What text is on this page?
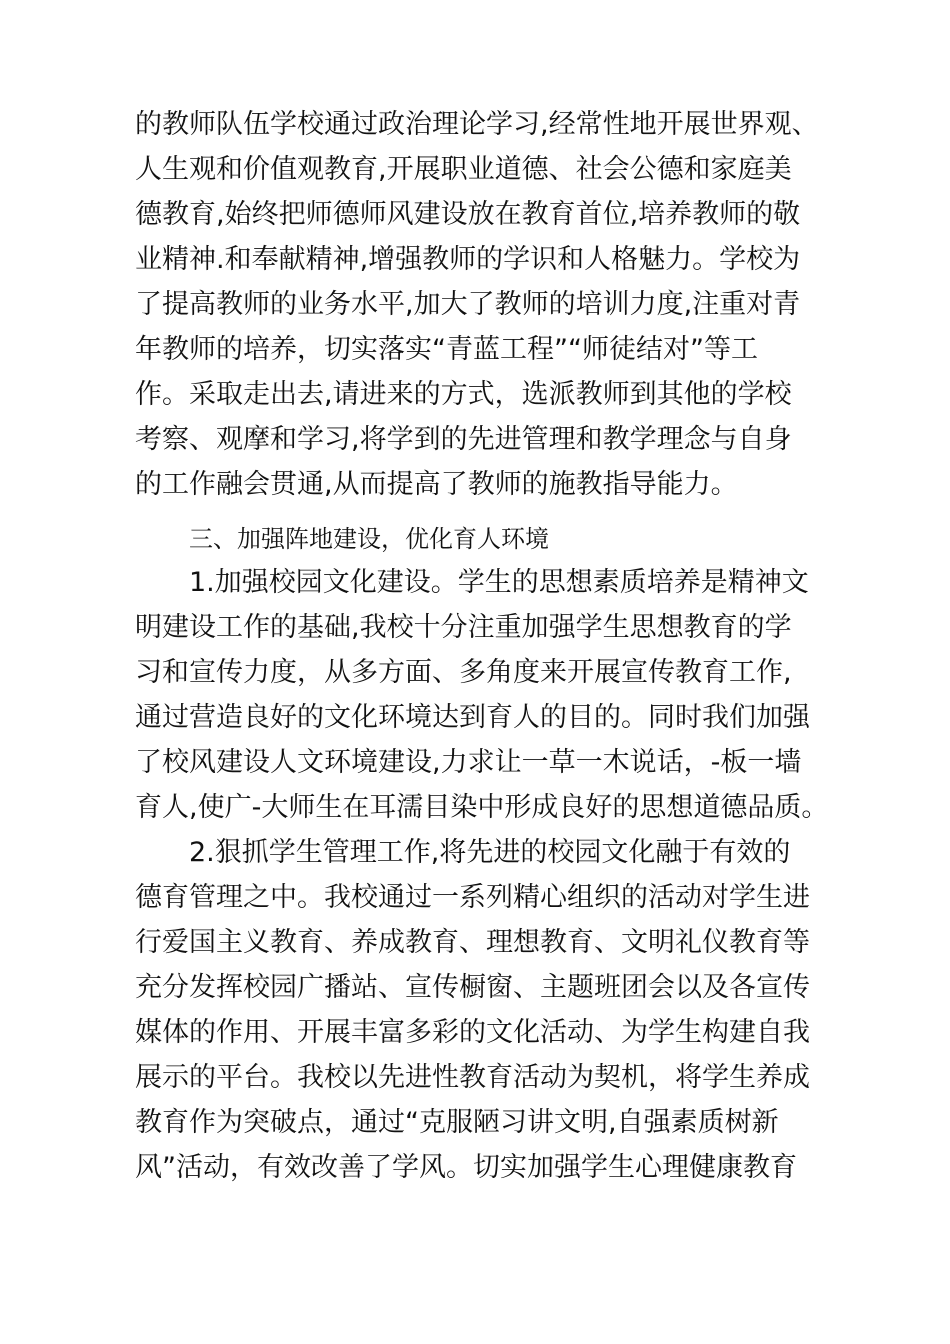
的教师队伍学校通过政治理论学习,经常性地开展世界观、
人生观和价值观教育,开展职业道德、社会公德和家庭美
德教育,始终把师德师风建设放在教育首位,培养教师的敬
业精神.和奉献精神,增强教师的学识和人格魅力。学校为
了提高教师的业务水平,加大了教师的培训力度,注重对青
年教师的培养，切实落实“青蓝工程”“师徒结对”等工
作。采取走出去,请进来的方式，选派教师到其他的学校
考察、观摩和学习,将学到的先进管理和教学理念与自身
的工作融会贯通,从而提高了教师的施教指导能力。
三、加强阵地建设，优化育人环境
1.加强校园文化建设。学生的思想素质培养是精神文
明建设工作的基础,我校十分注重加强学生思想教育的学
习和宣传力度，从多方面、多角度来开展宣传教育工作,
通过营造良好的文化环境达到育人的目的。同时我们加强
了校风建设人文环境建设,力求让一草一木说话，-板一墙
育人,使广-大师生在耳濡目染中形成良好的思想道德品质。
2.狠抓学生管理工作,将先进的校园文化融于有效的
德育管理之中。我校通过一系列精心组织的活动对学生进
行爱国主义教育、养成教育、理想教育、文明礼仪教育等
充分发挥校园广播站、宣传橱窗、主题班团会以及各宣传
媒体的作用、开展丰富多彩的文化活动、为学生构建自我
展示的平台。我校以先进性教育活动为契机，将学生养成
教育作为突破点，通过“克服陋习讲文明,自强素质树新
风”活动，有效改善了学风。切实加强学生心理健康教育
